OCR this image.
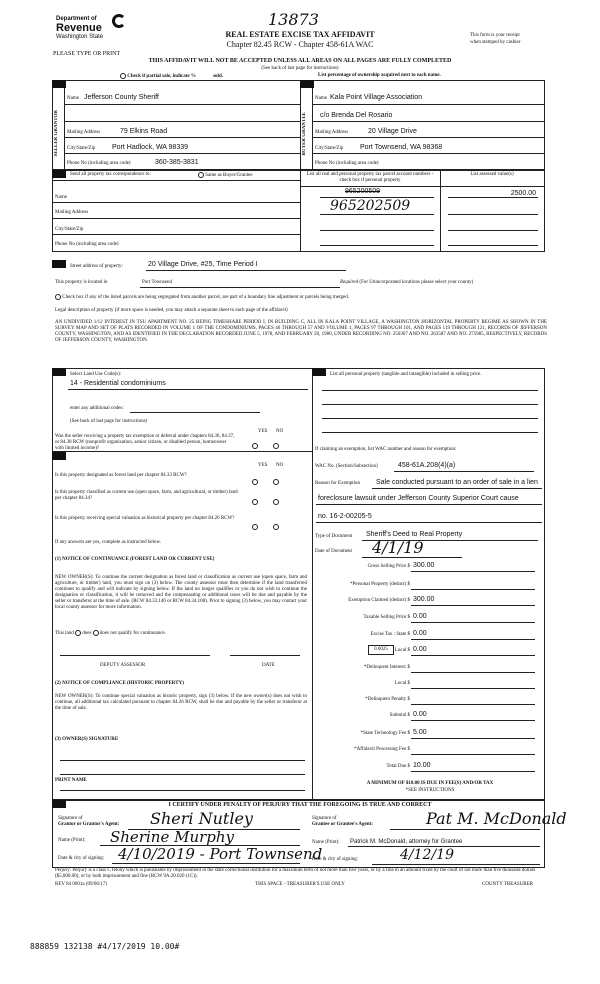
13873
Department of
Revenue
Washington State	REAL ESTATE EXCISE TAX AFFIDAVIT
Chapter 82.45 RCW - Chapter 458-61A WAC
This form is your receipt
when stamped by cashier
PLEASE TYPE OR PRINT
THIS AFFIDAVIT WILL NOT BE ACCEPTED UNLESS ALL AREAS ON ALL PAGES ARE FULLY COMPLETED
(See back of last page for instructions)
Check if partial sale, indicate %	sold.	List percentage of ownership acquired next to each name.
SELLER GRANTOR	BUYER GRANTEE
Name Jefferson County Sheriff
Mailing Address	79 Elkins Road
City/State/Zip Port Hadlock, WA 98339
Phone No (including area code)	360-385-3831
Name Kala Point Village Association
c/o Brenda Del Rosario
Mailing Address	20 Village Drive
City/State/Zip Port Townsend, WA 98368
Phone No (including area code)
Send all property tax correspondence to:	Same as Buyer/Grantee
Name
Mailing Address
City/State/Zip
Phone No (including area code)
List all real and personal property tax parcel account numbers - check box if personal property
List assessed value(s)
965200509	2500.00
965202509
Street address of property:	20 Village Drive, #25, Time Period I
This property is located in	Port Townsend	Required (For Unincorporated locations please select your county)
Check box if any of the listed parcels are being segregated from another parcel, are part of a boundary line adjustment or parcels being merged.
Legal description of property (if more space is needed, you may attach a separate sheet to each page of the affidavit)
AN UNDIVIDED 1/12 INTEREST IN TSU APARTMENT NO. 25 BEING TIMESHARE PERIOD I, IN BUILDING C, ALL IN KALA POINT VILLAGE, A WASHINGTON HORIZONTAL PROPERTY REGIME AS SHOWN IN THE SURVEY MAP AND SET OF PLATS RECORDED IN VOLUME 1 OF THE CONDOMINIUMS, PAGES 46 THROUGH 57 AND VOLUME 1, PAGES 97 THROUGH 101, AND PAGES 119 THROUGH 121, RECORDS OF JEFFERSON COUNTY, WASHINGTON, AND AS IDENTIFIED IN THE DECLARATION RECORDED JUNE 5, 1978, AND FEBRUARY 20, 1980, UNDER RECORDING NO. 250367 AND NO. 263587 AND NO. 275985, RESPECTIVELY, RECORDS OF JEFFERSON COUNTY, WASHINGTON.
Select Land Use Code(s):
14 - Residential condominiums
enter any additional codes:
(See back of last page for instructions)
YES NO
Was the seller receiving a property tax exemption or deferral under chapters 84.36, 84.37, or 84.38 RCW (nonprofit organization, senior citizen, or disabled person, homeowner with limited income)?
YES NO
Is this property designated as forest land per chapter 84.33 RCW?
Is this property classified as current use (open space, farm, and agricultural, or timber) land per chapter 84.34?
Is this property receiving special valuation as historical property per chapter 84.26 RCW?
If any answers are yes, complete as instructed below.
(1) NOTICE OF CONTINUANCE (FOREST LAND OR CURRENT USE)
NEW OWNER(S): To continue the current designation as forest land or classification as current use (open space, farm and agriculture, or timber) land, you must sign on (3) below. The county assessor must then determine if the land transferred continues to qualify and will indicate by signing below. If the land no longer qualifies or you do not wish to continue the designation or classification, it will be removed and the compensating or additional taxes will be due and payable by the seller or transferor at the time of sale. (RCW 84.33.140 or RCW 84.34.108). Prior to signing (3) below, you may contact your local county assessor for more information.
This land does does not qualify for continuance.
DEPUTY ASSESSOR	DATE
(2) NOTICE OF COMPLIANCE (HISTORIC PROPERTY)
NEW OWNER(S): To continue special valuation as historic property, sign (3) below. If the new owner(s) does not wish to continue, all additional tax calculated pursuant to chapter 84.26 RCW, shall be due and payable by the seller or transferor at the time of sale.
(3) OWNER(S) SIGNATURE
PRINT NAME
List all personal property (tangible and intangible) included in selling price.
If claiming an exemption, list WAC number and reason for exemption:
WAC No. (Section/Subsection)	458-61A.208(4)(a)
Reason for Exemption Sale conducted pursuant to an order of sale in a lien
foreclosure lawsuit under Jefferson County Superior Court cause
no. 16-2-00205-5
Type of Document Sheriff's Deed to Real Property
Date of Document 4/1/19
Gross Selling Price $ 300.00
*Personal Property (deduct) $
Exemption Claimed (deduct) $ 300.00
Taxable Selling Price $ 0.00
Excise Tax : State $ 0.00
0.0025	Local $ 0.00
*Delinquent Interest: $
Local $
*Delinquent Penalty $
Subtotal $ 0.00
*State Technology Fee $ 5.00
*Affidavit Processing Fee $
Total Due $ 10.00
A MINIMUM OF $10.00 IS DUE IN FEE(S) AND/OR TAX
*SEE INSTRUCTIONS
I CERTIFY UNDER PENALTY OF PERJURY THAT THE FOREGOING IS TRUE AND CORRECT
Signature of
Grantor or Grantor's Agent: Sheri Nutley
Name (Print): Sherine Murphy
Date & city of signing: 4/10/2019 - Port Townsend
Signature of
Grantee or Grantee's Agent:	Pat M. McDonald
Name (Print): Patrick M. McDonald, attorney for Grantee
Date & city of signing:	4/12/19
Perjury: Perjury is a class C felony which is punishable by imprisonment in the state correctional institution for a maximum term of not more than five years, or by a fine in an amount fixed by the court of not more than five thousand dollars ($5,000.00), or by both imprisonment and fine (RCW 9A.20.020 (1C)).
REV 84 0001a (09/06/17)	THIS SPACE - TREASURER'S USE ONLY	COUNTY TREASURER
888859 132138 #4/17/2019 10.00#
